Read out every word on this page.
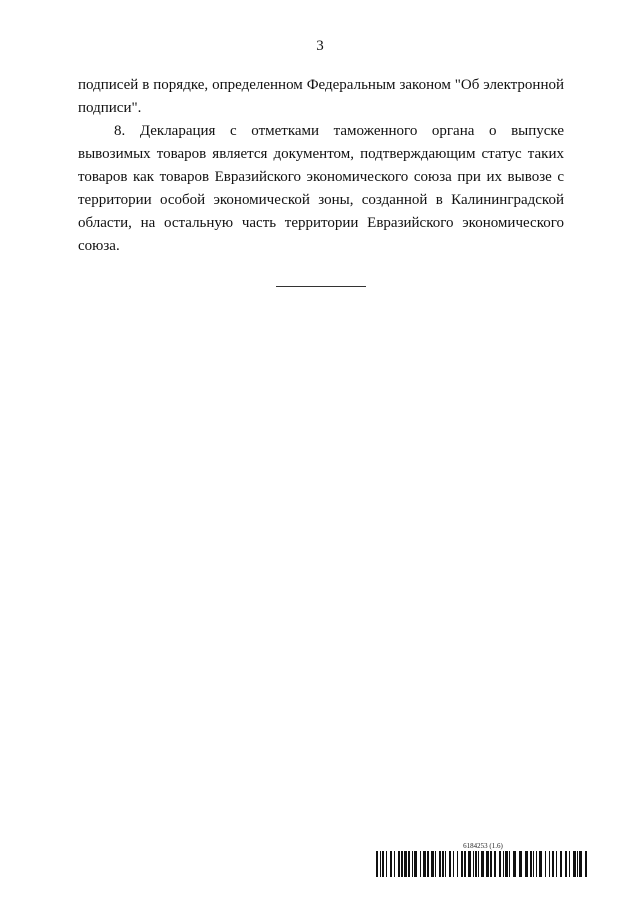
3

подписей в порядке, определенном Федеральным законом "Об электронной подписи".

8. Декларация с отметками таможенного органа о выпуске вывозимых товаров является документом, подтверждающим статус таких товаров как товаров Евразийского экономического союза при их вывозе с территории особой экономической зоны, созданной в Калининградской области, на остальную часть территории Евразийского экономического союза.

6184253 (1.6)
